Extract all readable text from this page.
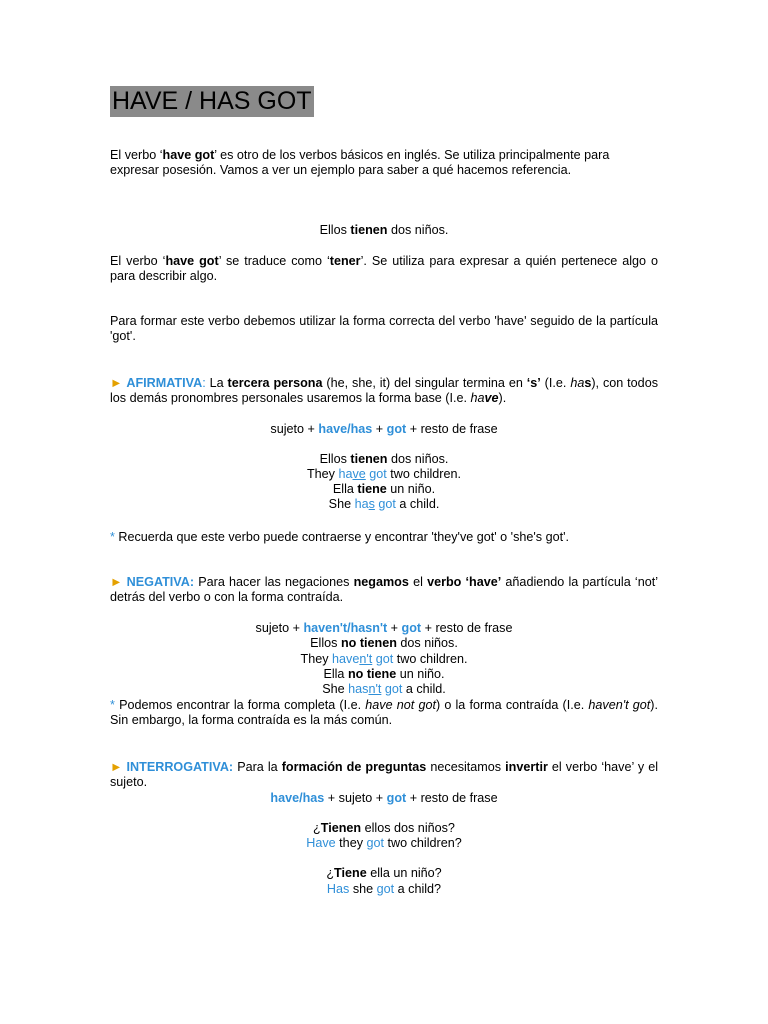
HAVE / HAS GOT

El verbo ‘have got’ es otro de los verbos básicos en inglés. Se utiliza principalmente para expresar posesión. Vamos a ver un ejemplo para saber a qué hacemos referencia.

Ellos tienen dos niños.

El verbo ‘have got’ se traduce como ‘tener’. Se utiliza para expresar a quién pertenece algo o para describir algo.

Para formar este verbo debemos utilizar la forma correcta del verbo 'have' seguido de la partícula 'got'.

► AFIRMATIVA: La tercera persona (he, she, it) del singular termina en ‘s’ (I.e. has), con todos los demás pronombres personales usaremos la forma base (I.e. have).

sujeto + have/has + got + resto de frase

Ellos tienen dos niños.

They have got two children.

Ella tiene un niño.

She has got a child.

* Recuerda que este verbo puede contraerse y encontrar 'they've got' o 'she's got'.

► NEGATIVA: Para hacer las negaciones negamos el verbo ‘have’ añadiendo la partícula ‘not’ detrás del verbo o con la forma contraída.

sujeto + haven't/hasn't + got + resto de frase

Ellos no tienen dos niños.

They haven't got two children.

Ella no tiene un niño.

She hasn't got a child.

* Podemos encontrar la forma completa (I.e. have not got) o la forma contraída (I.e. haven't got). Sin embargo, la forma contraída es la más común.

► INTERROGATIVA: Para la formación de preguntas necesitamos invertir el verbo ‘have’ y el sujeto.

have/has + sujeto + got + resto de frase

¿Tienen ellos dos niños?

Have they got two children?

¿Tiene ella un niño?

Has she got a child?
